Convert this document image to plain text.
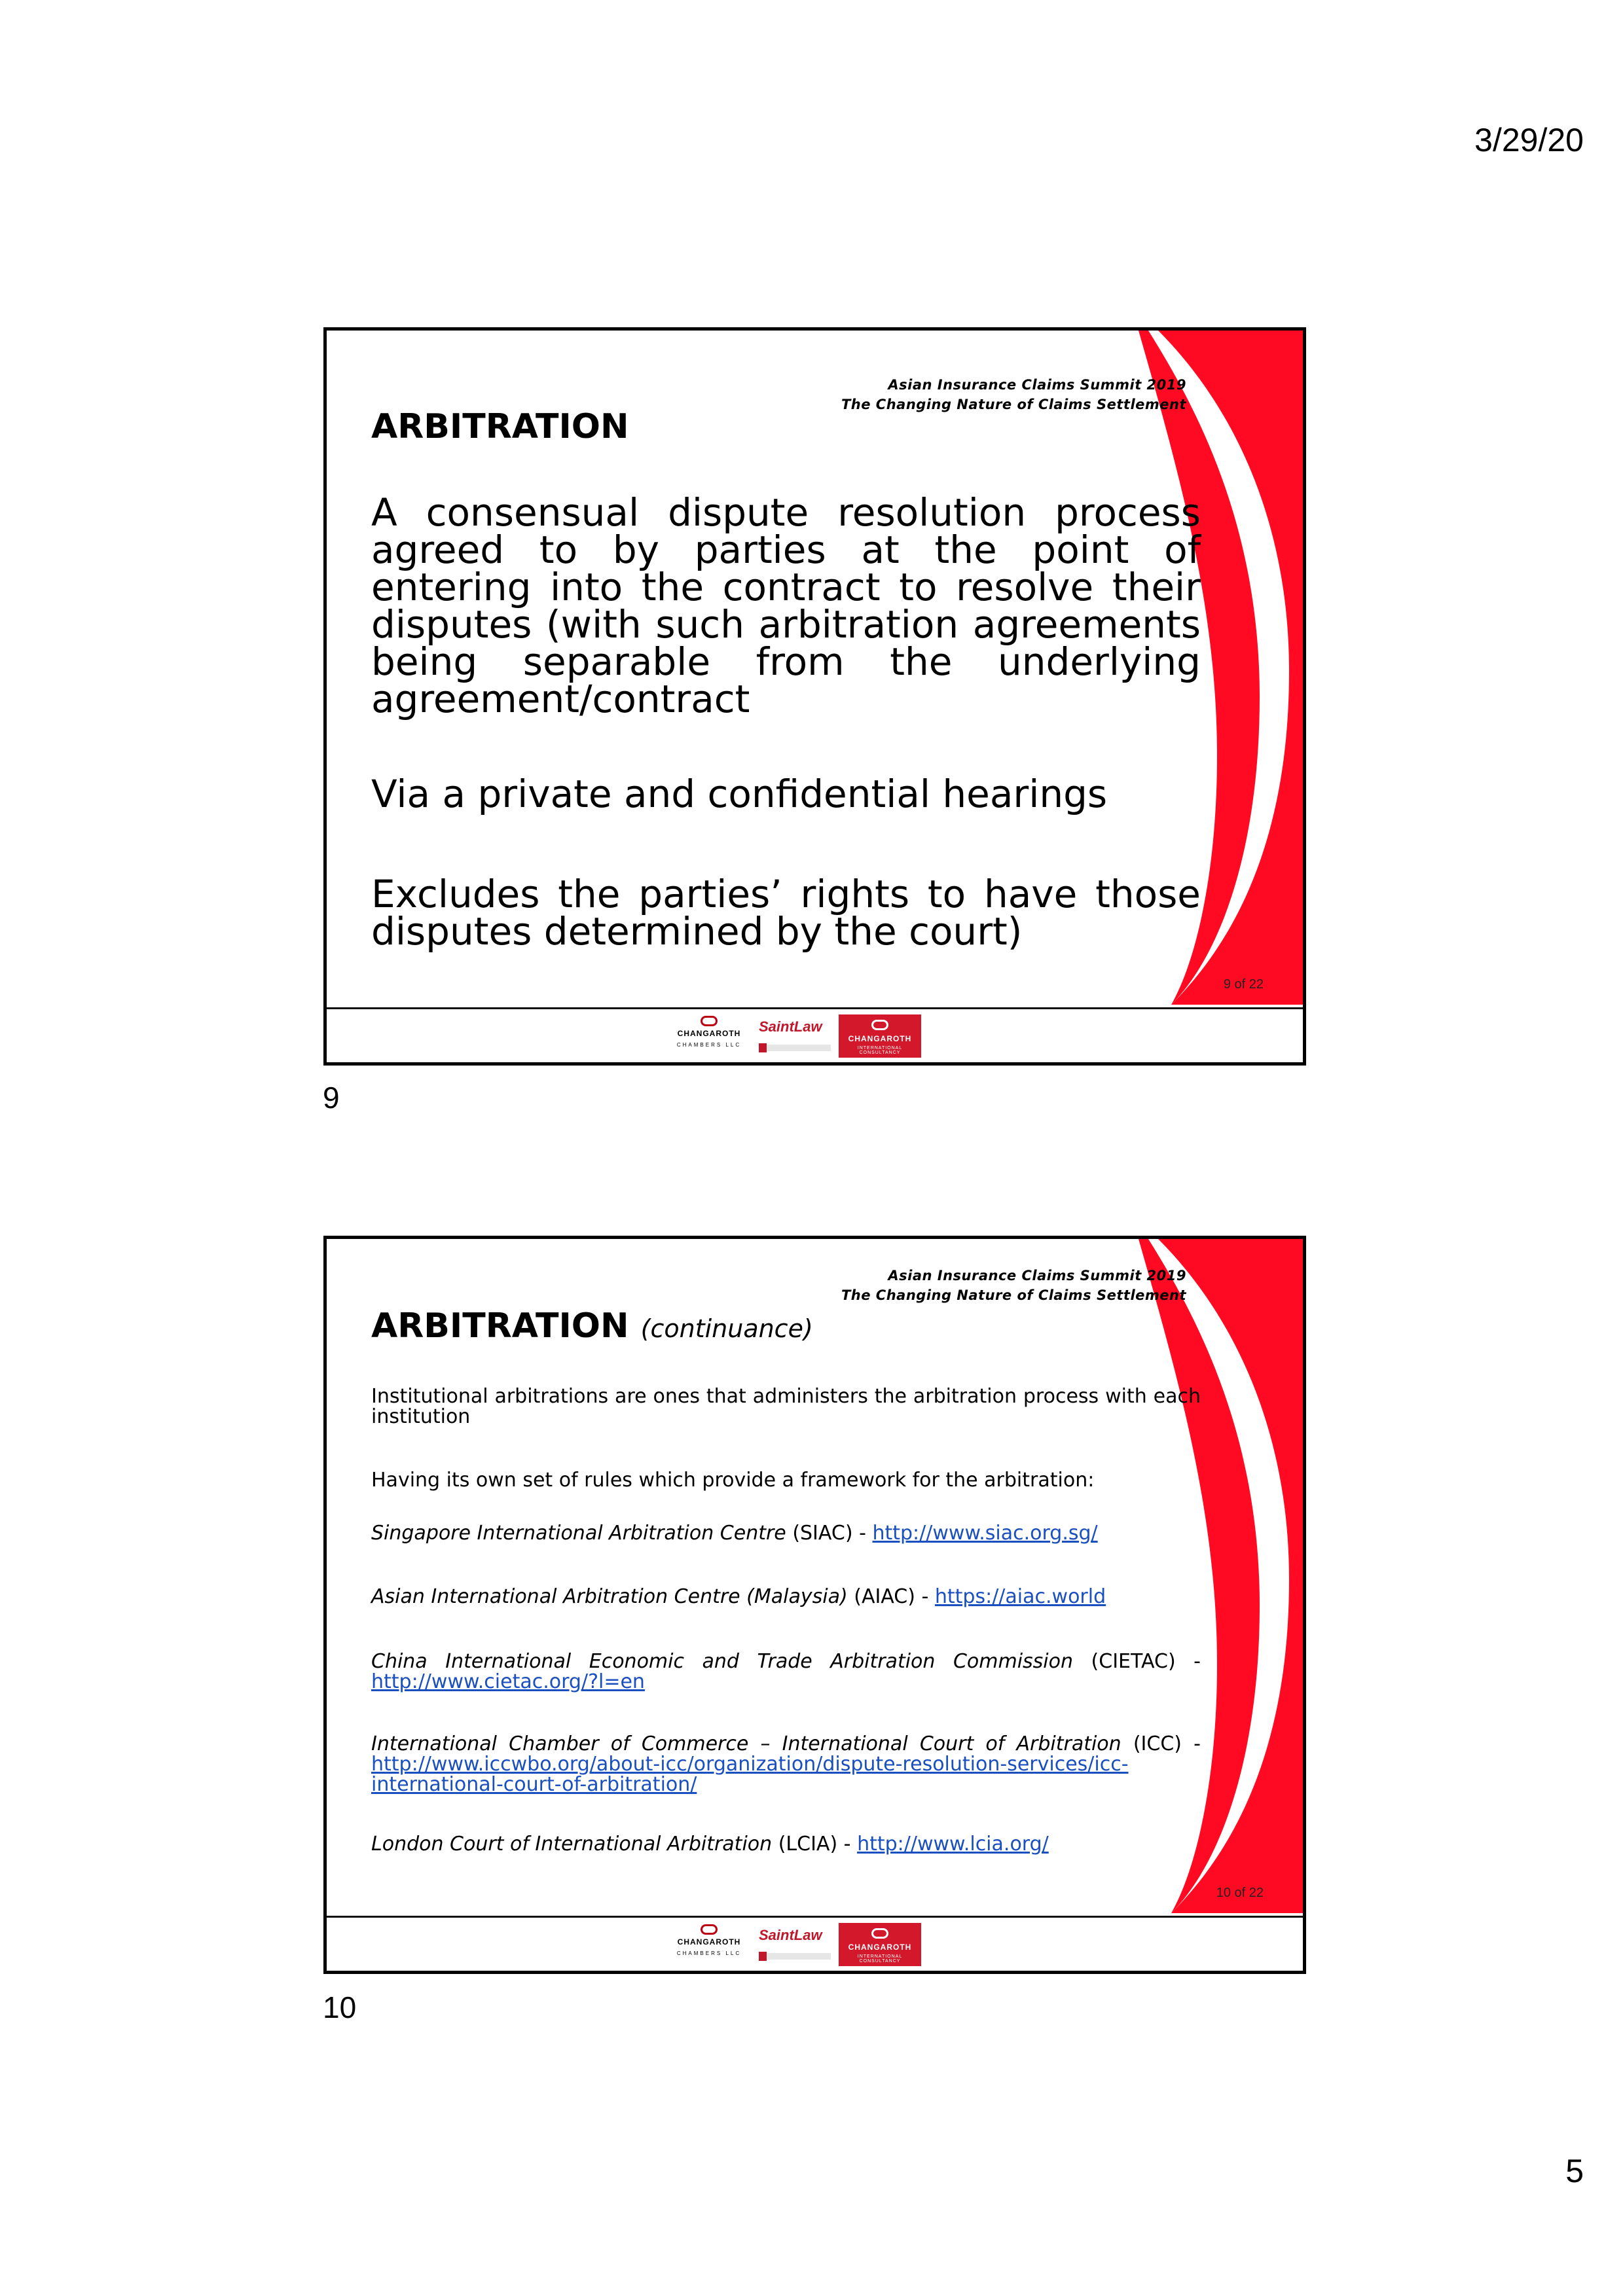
3/29/20
Asian Insurance Claims Summit 2019
The Changing Nature of Claims Settlement
ARBITRATION

A consensual dispute resolution process agreed to by parties at the point of entering into the contract to resolve their disputes (with such arbitration agreements being separable from the underlying agreement/contract

Via a private and confidential hearings

Excludes the parties’ rights to have those disputes determined by the court)

9 of 22
CHANGAROTH
CHAMBERS LLC
SaintLaw
CHANGAROTH
INTERNATIONAL CONSULTANCY
9
Asian Insurance Claims Summit 2019
The Changing Nature of Claims Settlement
ARBITRATION (continuance)

Institutional arbitrations are ones that administers the arbitration process with each institution

Having its own set of rules which provide a framework for the arbitration:

Singapore International Arbitration Centre (SIAC) - http://www.siac.org.sg/

Asian International Arbitration Centre (Malaysia) (AIAC) - https://aiac.world

China International Economic and Trade Arbitration Commission (CIETAC) - http://www.cietac.org/?l=en

International Chamber of Commerce – International Court of Arbitration (ICC) - http://www.iccwbo.org/about-icc/organization/dispute-resolution-services/icc-international-court-of-arbitration/

London Court of International Arbitration (LCIA) - http://www.lcia.org/

10 of 22
CHANGAROTH
CHAMBERS LLC
SaintLaw
CHANGAROTH
INTERNATIONAL CONSULTANCY
10
5
